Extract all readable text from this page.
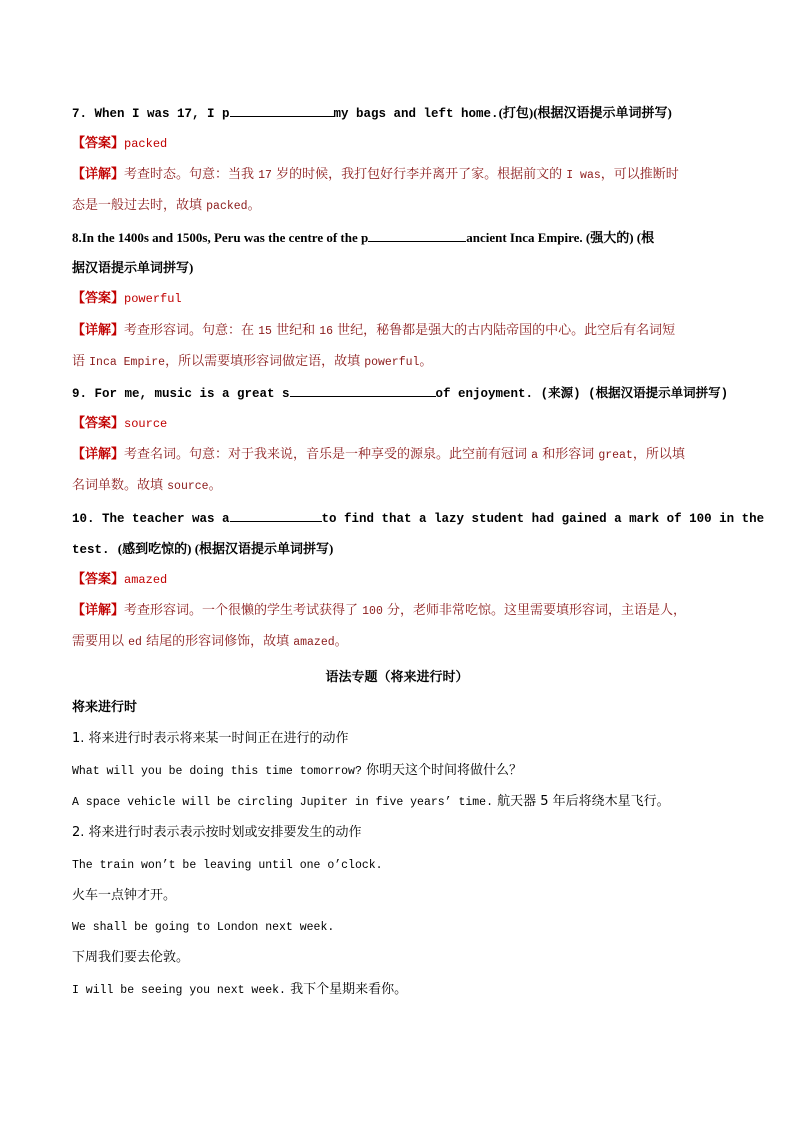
7. When I was 17, I p	my bags and left home.(打包)(根据汉语提示单词拼写)
【答案】packed
【详解】考查时态。句意：当我 17 岁的时候，我打包好行李并离开了家。根据前文的 I was，可以推断时
态是一般过去时，故填 packed。
8.In the 1400s and 1500s, Peru was the centre of the p	ancient Inca Empire. (强大的) (根
据汉语提示单词拼写)
【答案】powerful
【详解】考查形容词。句意：在 15 世纪和 16 世纪，秘鲁都是强大的古内陆帝国的中心。此空后有名词短
语 Inca Empire，所以需要填形容词做定语，故填 powerful。
9. For me, music is a great s	of enjoyment. (来源) (根据汉语提示单词拼写)
【答案】source
【详解】考查名词。句意：对于我来说，音乐是一种享受的源泉。此空前有冠词 a 和形容词 great，所以填
名词单数。故填 source。
10. The teacher was a	to find that a lazy student had gained a mark of 100 in the
test. (感到吃惊的) (根据汉语提示单词拼写)
【答案】amazed
【详解】考查形容词。一个很懒的学生考试获得了 100 分，老师非常吃惊。这里需要填形容词，主语是人，
需要用以 ed 结尾的形容词修饰，故填 amazed。
语法专题（将来进行时）
将来进行时
1. 将来进行时表示将来某一时间正在进行的动作
What will you be doing this time tomorrow? 你明天这个时间将做什么？
A space vehicle will be circling Jupiter in five years’ time. 航天器 5 年后将绕木星飞行。
2. 将来进行时表示表示按时划或安排要发生的动作
The train won’t be leaving until one o’clock.
火车一点钟才开。
We shall be going to London next week.
下周我们要去伦敦。
I will be seeing you next week. 我下个星期来看你。
